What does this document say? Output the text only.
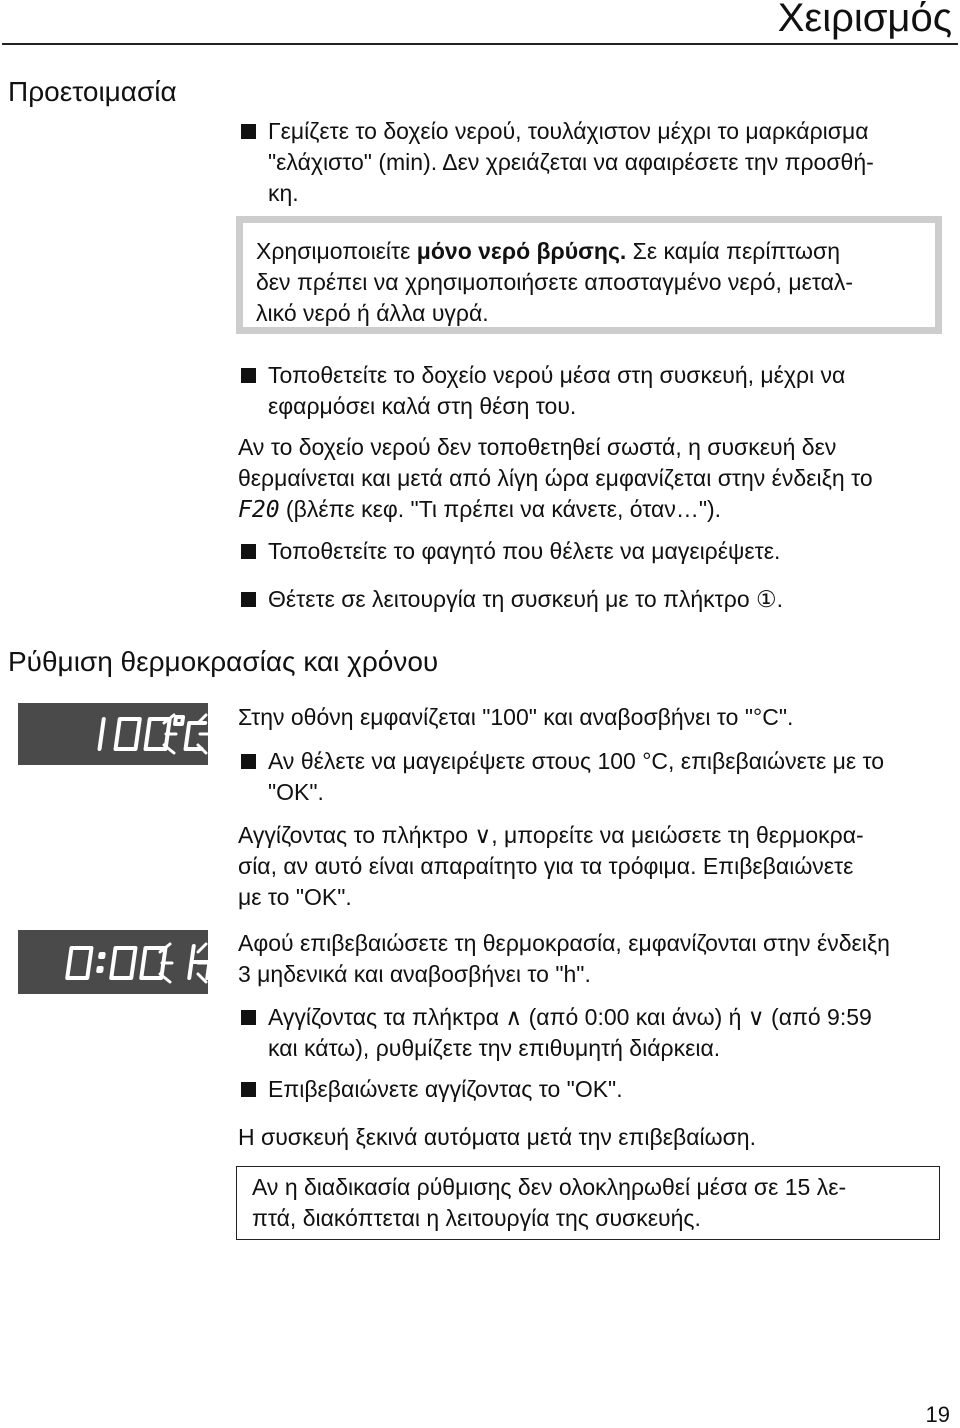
Χειρισμός
Προετοιμασία
Γεμίζετε το δοχείο νερού, τουλάχιστον μέχρι το μαρκάρισμα
"ελάχιστο" (min). Δεν χρειάζεται να αφαιρέσετε την προσθή-
κη.
Χρησιμοποιείτε μόνο νερό βρύσης. Σε καμία περίπτωση
δεν πρέπει να χρησιμοποιήσετε αποσταγμένο νερό, μεταλ-
λικό νερό ή άλλα υγρά.
Τοποθετείτε το δοχείο νερού μέσα στη συσκευή, μέχρι να
εφαρμόσει καλά στη θέση του.
Αν το δοχείο νερού δεν τοποθετηθεί σωστά, η συσκευή δεν
θερμαίνεται και μετά από λίγη ώρα εμφανίζεται στην ένδειξη το
F20 (βλέπε κεφ. "Τι πρέπει να κάνετε, όταν…").
Τοποθετείτε το φαγητό που θέλετε να μαγειρέψετε.
Θέτετε σε λειτουργία τη συσκευή με το πλήκτρο ①.
Ρύθμιση θερμοκρασίας και χρόνου
Στην οθόνη εμφανίζεται "100" και αναβοσβήνει το "°C".
Αν θέλετε να μαγειρέψετε στους 100 °C, επιβεβαιώνετε με το
"OK".
Αγγίζοντας το πλήκτρο ∨, μπορείτε να μειώσετε τη θερμοκρα-
σία, αν αυτό είναι απαραίτητο για τα τρόφιμα. Επιβεβαιώνετε
με το "OK".
Αφού επιβεβαιώσετε τη θερμοκρασία, εμφανίζονται στην ένδειξη
3 μηδενικά και αναβοσβήνει το "h".
Αγγίζοντας τα πλήκτρα ∧ (από 0:00 και άνω) ή ∨ (από 9:59
και κάτω), ρυθμίζετε την επιθυμητή διάρκεια.
Επιβεβαιώνετε αγγίζοντας το "OK".
Η συσκευή ξεκινά αυτόματα μετά την επιβεβαίωση.
Αν η διαδικασία ρύθμισης δεν ολοκληρωθεί μέσα σε 15 λε-
πτά, διακόπτεται η λειτουργία της συσκευής.
19
